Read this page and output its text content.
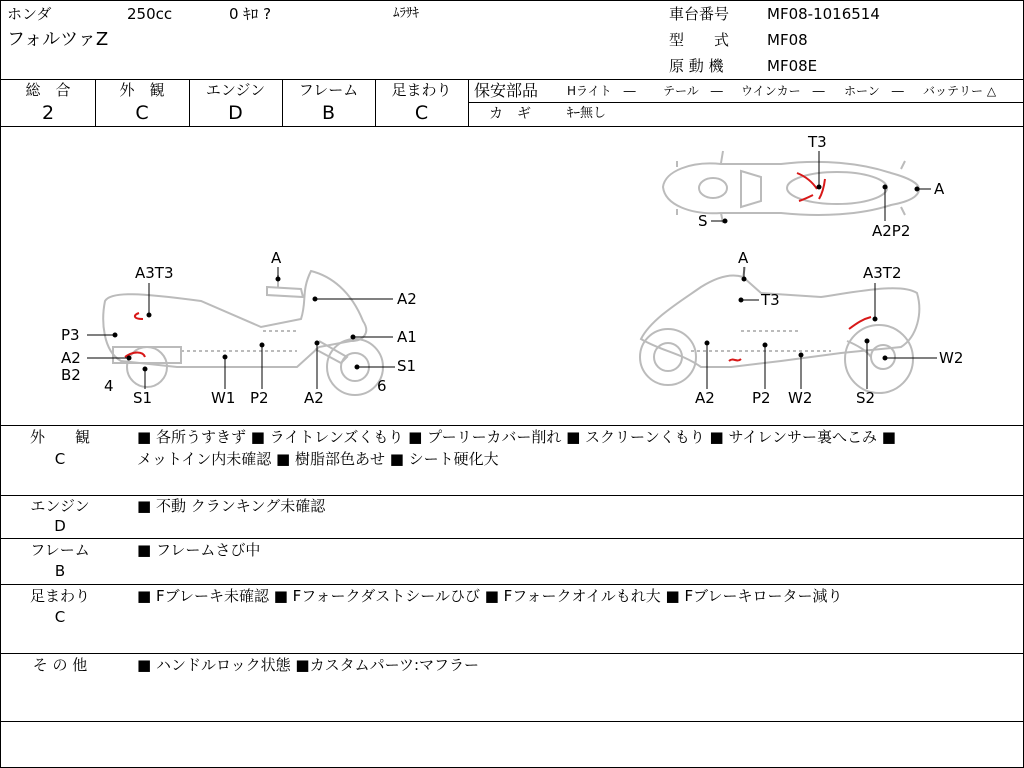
ホンダ	250cc	0 ｷﾛ ?	ﾑﾗｻｷ
フォルツァZ
車台番号	MF08-1016514
型　　式	MF08
原 動 機	MF08E
総　合
2
外　観
C
エンジン
D
フレーム
B
足まわり
C
保安部品 Hライト　― テール　― ウインカー　― ホーン　― バッテリー △
カ　ギ	ｷｰ無し
T3
A
S
A2P2
A
A3T3
A2
P3	A1
A2
B2	S1
4	6
S1	W1 P2 A2
A
A3T2
T3
W2
A2 P2 W2	S2
外　　観
C
■ 各所うすきず ■ ライトレンズくもり ■ プーリーカバー削れ ■ スクリーンくもり ■ サイレンサー裏へこみ ■
メットイン内未確認 ■ 樹脂部色あせ ■ シート硬化大
エンジン
D
■ 不動 クランキング未確認
フレーム
B
■ フレームさび中
足まわり
C
■ Fブレーキ未確認 ■ Fフォークダストシールひび ■ Fフォークオイルもれ大 ■ Fブレーキローター減り
そ の 他	■ ハンドルロック状態 ■カスタムパーツ:マフラー
